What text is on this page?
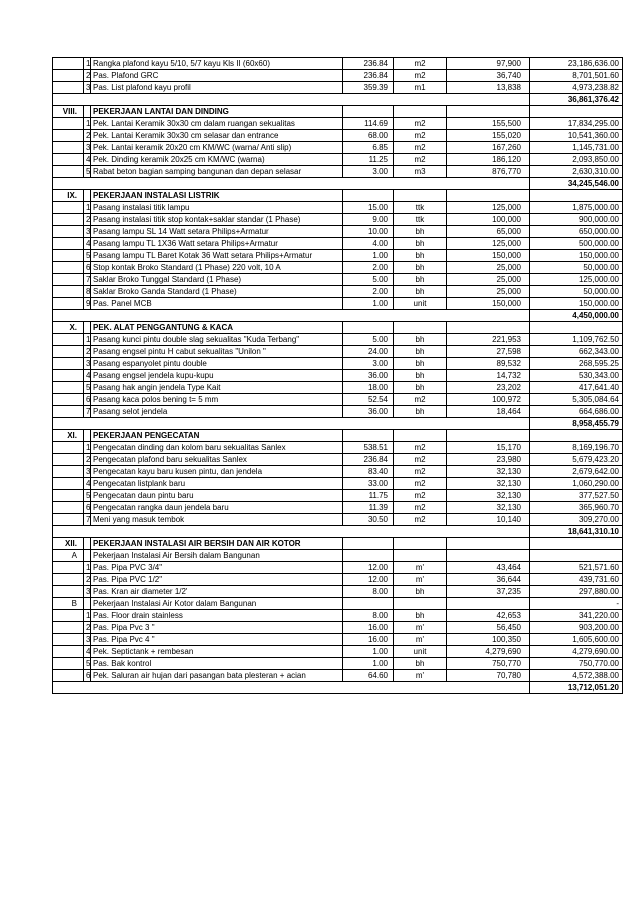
	1	Rangka plafond kayu 5/10, 5/7 kayu Kls II (60x60)	236.84	m2	97,900	23,186,636.00
	2	Pas. Plafond GRC	236.84	m2	36,740	8,701,501.60
	3	Pas. List plafond kayu profil	359.39	m1	13,838	4,973,238.82
						36,861,376.42
VIII.		PEKERJAAN LANTAI DAN DINDING				
	1	Pek. Lantai Keramik 30x30 cm dalam ruangan sekualitas	114.69	m2	155,500	17,834,295.00
	2	Pek. Lantai Keramik 30x30 cm selasar dan entrance	68.00	m2	155,020	10,541,360.00
	3	Pek. Lantai keramik 20x20 cm KM/WC (warna/ Anti slip)	6.85	m2	167,260	1,145,731.00
	4	Pek. Dinding keramik 20x25 cm KM/WC (warna)	11.25	m2	186,120	2,093,850.00
	5	Rabat beton bagian samping bangunan dan depan selasar	3.00	m3	876,770	2,630,310.00
						34,245,546.00
IX.		PEKERJAAN INSTALASI LISTRIK				
	1	Pasang instalasi titik lampu	15.00	ttk	125,000	1,875,000.00
	2	Pasang instalasi titik stop kontak+saklar standar (1 Phase)	9.00	ttk	100,000	900,000.00
	3	Pasang lampu SL 14 Watt setara Philips+Armatur	10.00	bh	65,000	650,000.00
	4	Pasang lampu TL 1X36 Watt setara Philips+Armatur	4.00	bh	125,000	500,000.00
	5	Pasang lampu TL Baret Kotak 36 Watt setara Philips+Armatur	1.00	bh	150,000	150,000.00
	6	Stop kontak Broko Standard (1 Phase) 220 volt, 10 A	2.00	bh	25,000	50,000.00
	7	Saklar Broko Tunggal Standard (1 Phase)	5.00	bh	25,000	125,000.00
	8	Saklar Broko Ganda Standard (1 Phase)	2.00	bh	25,000	50,000.00
	9	Pas. Panel MCB	1.00	unit	150,000	150,000.00
						4,450,000.00
X.		PEK. ALAT PENGGANTUNG & KACA				
	1	Pasang kunci pintu double slag sekualitas "Kuda Terbang"	5.00	bh	221,953	1,109,762.50
	2	Pasang engsel pintu H cabut sekualitas "Unilon "	24.00	bh	27,598	662,343.00
	3	Pasang espanyolet pintu double	3.00	bh	89,532	268,595.25
	4	Pasang engsel jendela kupu-kupu	36.00	bh	14,732	530,343.00
	5	Pasang hak angin jendela Type Kait	18.00	bh	23,202	417,641.40
	6	Pasang kaca polos bening t= 5 mm	52.54	m2	100,972	5,305,084.64
	7	Pasang selot jendela	36.00	bh	18,464	664,686.00
						8,958,455.79
XI.		PEKERJAAN PENGECATAN				
	1	Pengecatan dinding dan kolom baru sekualitas Sanlex	538.51	m2	15,170	8,169,196.70
	2	Pengecatan plafond baru sekualitas Sanlex	236.84	m2	23,980	5,679,423.20
	3	Pengecatan kayu baru kusen pintu, dan jendela	83.40	m2	32,130	2,679,642.00
	4	Pengecatan listplank baru	33.00	m2	32,130	1,060,290.00
	5	Pengecatan daun pintu baru	11.75	m2	32,130	377,527.50
	6	Pengecatan rangka daun jendela baru	11.39	m2	32,130	365,960.70
	7	Meni yang masuk tembok	30.50	m2	10,140	309,270.00
						18,641,310.10
XII.		PEKERJAAN INSTALASI AIR BERSIH DAN AIR KOTOR				
A		Pekerjaan Instalasi Air Bersih dalam Bangunan				
	1	Pas. Pipa PVC 3/4"	12.00	m'	43,464	521,571.60
	2	Pas. Pipa PVC 1/2"	12.00	m'	36,644	439,731.60
	3	Pas. Kran air diameter 1/2'	8.00	bh	37,235	297,880.00
B		Pekerjaan Instalasi Air Kotor dalam Bangunan				-
	1	Pas. Floor drain stainless	8.00	bh	42,653	341,220.00
	2	Pas. Pipa Pvc 3 "	16.00	m'	56,450	903,200.00
	3	Pas. Pipa Pvc 4 "	16.00	m'	100,350	1,605,600.00
	4	Pek. Septictank + rembesan	1.00	unit	4,279,690	4,279,690.00
	5	Pas. Bak kontrol	1.00	bh	750,770	750,770.00
	6	Pek. Saluran air hujan dari pasangan bata plesteran + acian	64.60	m'	70,780	4,572,388.00
						13,712,051.20
